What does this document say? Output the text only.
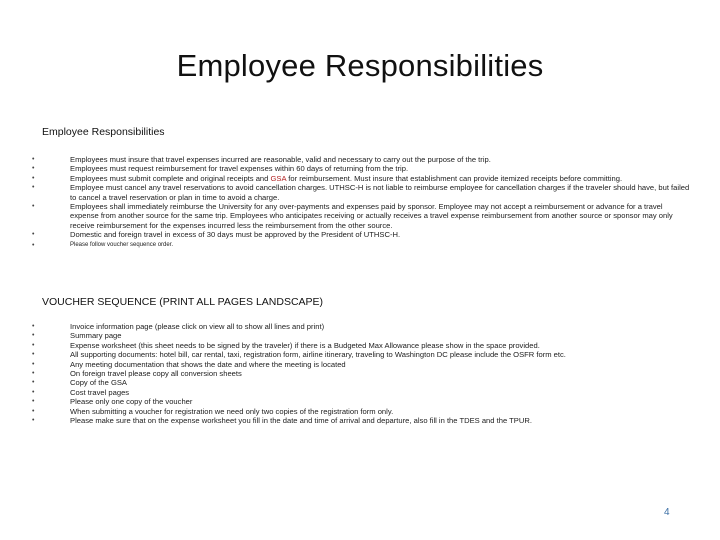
Employee Responsibilities
Employee Responsibilities
•	Employees must insure that travel expenses incurred are reasonable, valid and necessary to carry out the purpose of the trip.
•	Employees must request reimbursement for travel expenses within 60 days of returning from the trip.
•	Employees must submit complete and original receipts and GSA for reimbursement. Must insure that establishment can provide itemized receipts before committing.
•	Employee must cancel any travel reservations to avoid cancellation charges. UTHSC-H is not liable to reimburse employee for cancellation charges if the traveler should have, but failed to cancel a travel reservation or plan in time to avoid a charge.
•	Employees shall immediately reimburse the University for any over-payments and expenses paid by sponsor. Employee may not accept a reimbursement or advance for a travel expense from another source for the same trip. Employees who anticipates receiving or actually receives a travel expense reimbursement from another source or sponsor may only receive reimbursement for the expenses incurred less the reimbursement from the other source.
•	Domestic and foreign travel in excess of 30 days must be approved by the President of UTHSC-H.
•	Please follow voucher sequence order.
VOUCHER SEQUENCE (PRINT ALL PAGES LANDSCAPE)
•	Invoice information page (please click on view all to show all lines and print)
•	Summary page
•	Expense worksheet (this sheet needs to be signed by the traveler) if there is a Budgeted Max Allowance please show in the space provided.
•	All supporting documents: hotel bill, car rental, taxi, registration form, airline itinerary, traveling to Washington DC please include the OSFR form etc.
•	Any meeting documentation that shows the date and where the meeting is located
•	On foreign travel please copy all conversion sheets
•	Copy of the GSA
•	Cost travel pages
•	Please only one copy of the voucher
•	When submitting a voucher for registration we need only two copies of the registration form only.
•	Please make sure that on the expense worksheet you fill in the date and time of arrival and departure, also fill in the TDES and the TPUR.
4
